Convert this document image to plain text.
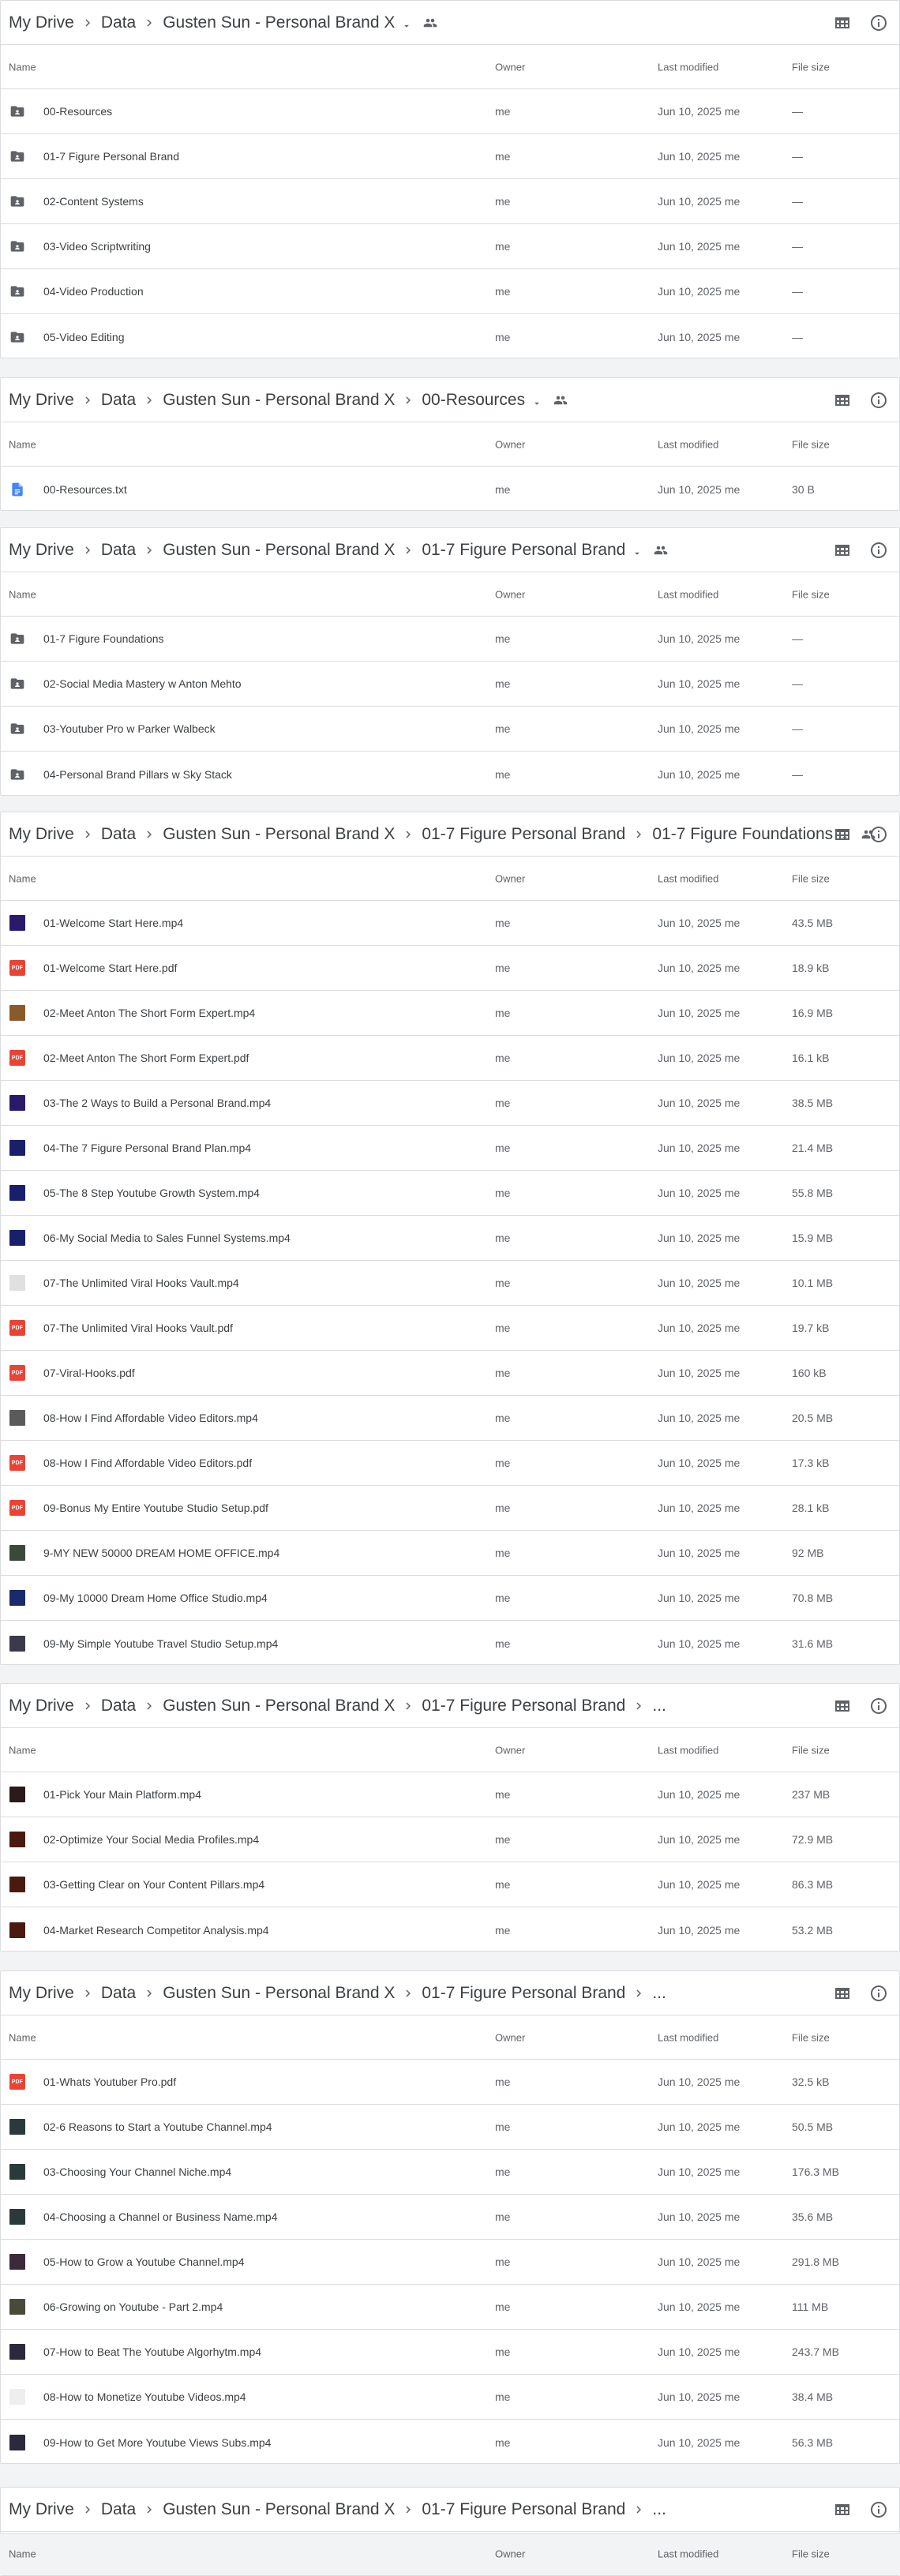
My Drive Data Gusten Sun - Personal Brand X
Name	Owner	Last modified	File size
00-Resources	me	Jun 10, 2025 me	—
01-7 Figure Personal Brand	me	Jun 10, 2025 me	—
02-Content Systems	me	Jun 10, 2025 me	—
03-Video Scriptwriting	me	Jun 10, 2025 me	—
04-Video Production	me	Jun 10, 2025 me	—
05-Video Editing	me	Jun 10, 2025 me	—
My Drive Data Gusten Sun - Personal Brand X 00-Resources
Name	Owner	Last modified	File size
00-Resources.txt	me	Jun 10, 2025 me	30 B
My Drive Data Gusten Sun - Personal Brand X 01-7 Figure Personal Brand
Name	Owner	Last modified	File size
01-7 Figure Foundations	me	Jun 10, 2025 me	—
02-Social Media Mastery w Anton Mehto	me	Jun 10, 2025 me	—
03-Youtuber Pro w Parker Walbeck	me	Jun 10, 2025 me	—
04-Personal Brand Pillars w Sky Stack	me	Jun 10, 2025 me	—
My Drive Data Gusten Sun - Personal Brand X 01-7 Figure Personal Brand 01-7 Figure Foundations
Name	Owner	Last modified	File size
01-Welcome Start Here.mp4	me	Jun 10, 2025 me	43.5 MB
PDF 01-Welcome Start Here.pdf	me	Jun 10, 2025 me	18.9 kB
02-Meet Anton The Short Form Expert.mp4	me	Jun 10, 2025 me	16.9 MB
PDF 02-Meet Anton The Short Form Expert.pdf	me	Jun 10, 2025 me	16.1 kB
03-The 2 Ways to Build a Personal Brand.mp4	me	Jun 10, 2025 me	38.5 MB
04-The 7 Figure Personal Brand Plan.mp4	me	Jun 10, 2025 me	21.4 MB
05-The 8 Step Youtube Growth System.mp4	me	Jun 10, 2025 me	55.8 MB
06-My Social Media to Sales Funnel Systems.mp4	me	Jun 10, 2025 me	15.9 MB
07-The Unlimited Viral Hooks Vault.mp4	me	Jun 10, 2025 me	10.1 MB
PDF 07-The Unlimited Viral Hooks Vault.pdf	me	Jun 10, 2025 me	19.7 kB
PDF 07-Viral-Hooks.pdf	me	Jun 10, 2025 me	160 kB
08-How I Find Affordable Video Editors.mp4	me	Jun 10, 2025 me	20.5 MB
PDF 08-How I Find Affordable Video Editors.pdf	me	Jun 10, 2025 me	17.3 kB
PDF 09-Bonus My Entire Youtube Studio Setup.pdf	me	Jun 10, 2025 me	28.1 kB
9-MY NEW 50000 DREAM HOME OFFICE.mp4	me	Jun 10, 2025 me	92 MB
09-My 10000 Dream Home Office Studio.mp4	me	Jun 10, 2025 me	70.8 MB
09-My Simple Youtube Travel Studio Setup.mp4	me	Jun 10, 2025 me	31.6 MB
My Drive Data Gusten Sun - Personal Brand X 01-7 Figure Personal Brand ...
Name	Owner	Last modified	File size
01-Pick Your Main Platform.mp4	me	Jun 10, 2025 me	237 MB
02-Optimize Your Social Media Profiles.mp4	me	Jun 10, 2025 me	72.9 MB
03-Getting Clear on Your Content Pillars.mp4	me	Jun 10, 2025 me	86.3 MB
04-Market Research Competitor Analysis.mp4	me	Jun 10, 2025 me	53.2 MB
My Drive Data Gusten Sun - Personal Brand X 01-7 Figure Personal Brand ...
Name	Owner	Last modified	File size
PDF 01-Whats Youtuber Pro.pdf	me	Jun 10, 2025 me	32.5 kB
02-6 Reasons to Start a Youtube Channel.mp4	me	Jun 10, 2025 me	50.5 MB
03-Choosing Your Channel Niche.mp4	me	Jun 10, 2025 me	176.3 MB
04-Choosing a Channel or Business Name.mp4	me	Jun 10, 2025 me	35.6 MB
05-How to Grow a Youtube Channel.mp4	me	Jun 10, 2025 me	291.8 MB
06-Growing on Youtube - Part 2.mp4	me	Jun 10, 2025 me	111 MB
07-How to Beat The Youtube Algorhytm.mp4	me	Jun 10, 2025 me	243.7 MB
08-How to Monetize Youtube Videos.mp4	me	Jun 10, 2025 me	38.4 MB
09-How to Get More Youtube Views Subs.mp4	me	Jun 10, 2025 me	56.3 MB
My Drive Data Gusten Sun - Personal Brand X 01-7 Figure Personal Brand ...
Name	Owner	Last modified	File size
